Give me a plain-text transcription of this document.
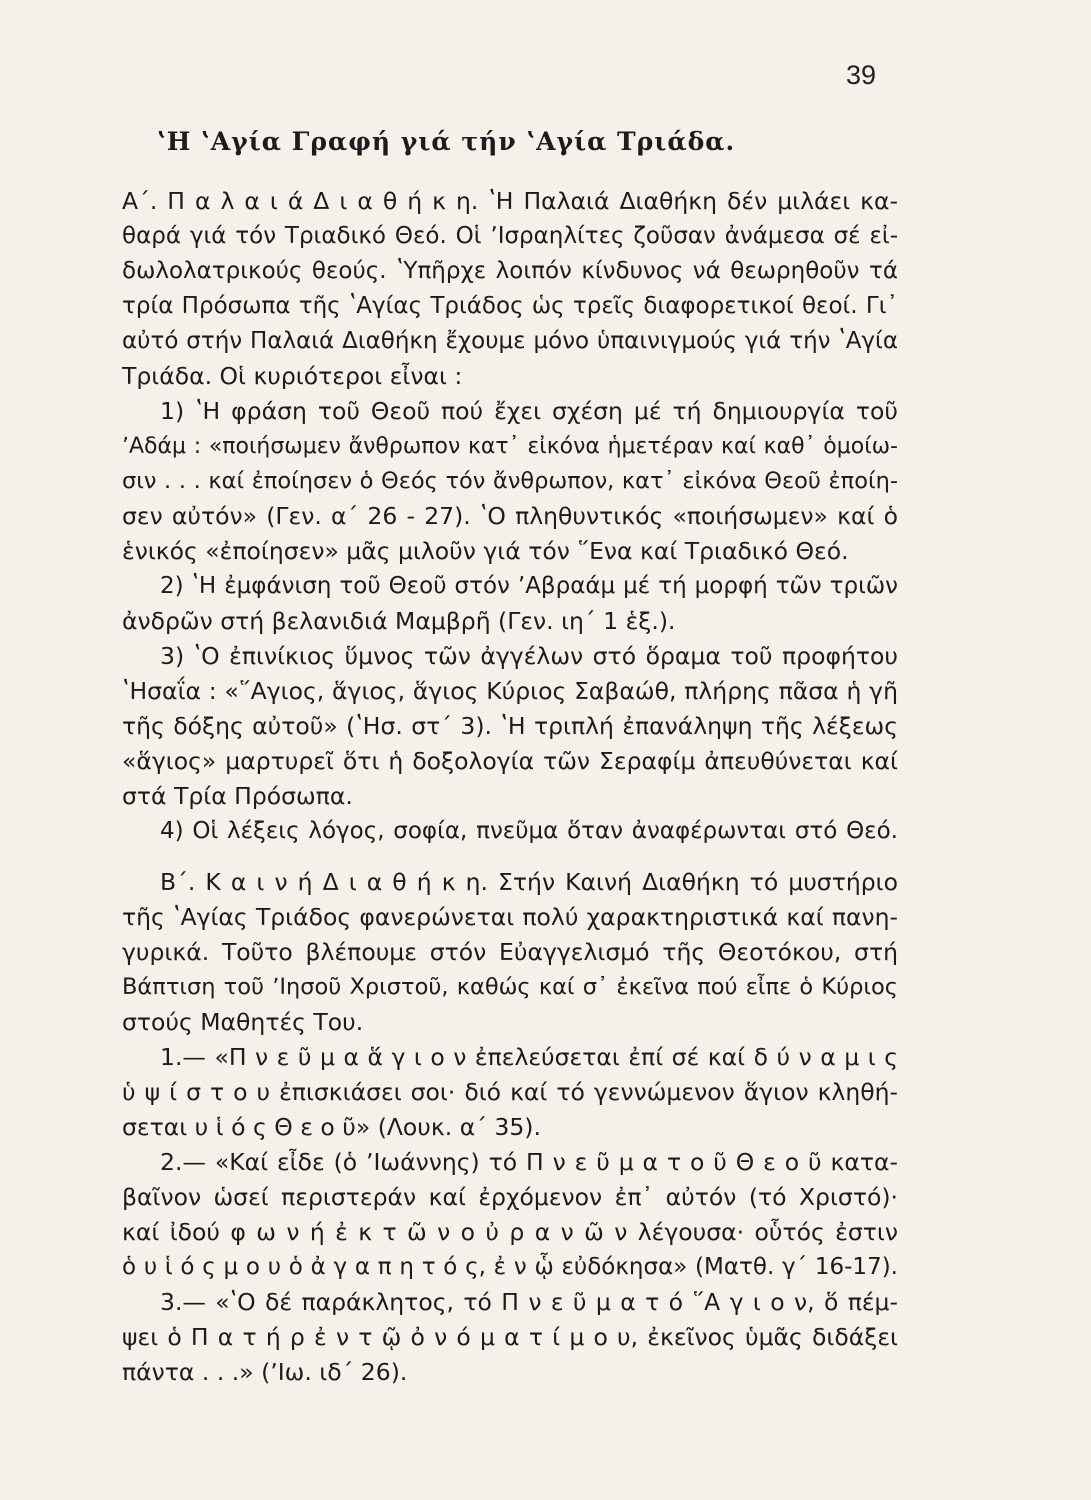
39
ʽΗ ʽΑγία Γραφή γιά τήν ʽΑγία Τριάδα.
Α΄. Π α λ α ι ά Δ ι α θ ή κ η. ʽΗ Παλαιά Διαθήκη δέν μιλάει κα-
θαρά γιά τόν Τριαδικό Θεό. Οἱ ʼΙσραηλίτες ζοῦσαν ἀνάμεσα σέ εἰ-
δωλολατρικούς θεούς. ʽΥπῆρχε λοιπόν κίνδυνος νά θεωρηθοῦν τά
τρία Πρόσωπα τῆς ʽΑγίας Τριάδος ὡς τρεῖς διαφορετικοί θεοί. Γι᾽
αὐτό στήν Παλαιά Διαθήκη ἔχουμε μόνο ὑπαινιγμούς γιά τήν ʽΑγία
Τριάδα. Οἱ κυριότεροι εἶναι :
1) ʽΗ φράση τοῦ Θεοῦ πού ἔχει σχέση μέ τή δημιουργία τοῦ
ʼΑδάμ : «ποιήσωμεν ἄνθρωπον κατ᾽ εἰκόνα ἡμετέραν καί καθ᾽ ὁμοίω-
σιν . . . καί ἐποίησεν ὁ Θεός τόν ἄνθρωπον, κατ᾽ εἰκόνα Θεοῦ ἐποίη-
σεν αὐτόν» (Γεν. α΄ 26 - 27). ʽΟ πληθυντικός «ποιήσωμεν» καί ὁ
ἑνικός «ἐποίησεν» μᾶς μιλοῦν γιά τόν ῞Ενα καί Τριαδικό Θεό.
2) ʽΗ ἐμφάνιση τοῦ Θεοῦ στόν ʼΑβραάμ μέ τή μορφή τῶν τριῶν
ἀνδρῶν στή βελανιδιά Μαμβρῆ (Γεν. ιη΄ 1 ἑξ.).
3) ʽΟ ἐπινίκιος ὕμνος τῶν ἀγγέλων στό ὅραμα τοῦ προφήτου
ʽΗσαΐα : «῞Αγιος, ἅγιος, ἅγιος Κύριος Σαβαώθ, πλήρης πᾶσα ἡ γῆ
τῆς δόξης αὐτοῦ» (ʽΗσ. στ΄ 3). ʽΗ τριπλή ἐπανάληψη τῆς λέξεως
«ἅγιος» μαρτυρεῖ ὅτι ἡ δοξολογία τῶν Σεραφίμ ἀπευθύνεται καί
στά Τρία Πρόσωπα.
4) Οἱ λέξεις λόγος, σοφία, πνεῦμα ὅταν ἀναφέρωνται στό Θεό.
Β΄. Κ α ι ν ή Δ ι α θ ή κ η. Στήν Καινή Διαθήκη τό μυστήριο
τῆς ʽΑγίας Τριάδος φανερώνεται πολύ χαρακτηριστικά καί πανη-
γυρικά. Τοῦτο βλέπουμε στόν Εὐαγγελισμό τῆς Θεοτόκου, στή
Βάπτιση τοῦ ʼΙησοῦ Χριστοῦ, καθώς καί σ᾽ ἐκεῖνα πού εἶπε ὁ Κύριος
στούς Μαθητές Του.
1.— «Π ν ε ῦ μ α ἅ γ ι ο ν ἐπελεύσεται ἐπί σέ καί δ ύ ν α μ ι ς
ὑ ψ ί σ τ ο υ ἐπισκιάσει σοι· διό καί τό γεννώμενον ἅγιον κληθή-
σεται υ ἱ ό ς Θ ε ο ῦ» (Λουκ. α΄ 35).
2.— «Καί εἶδε (ὁ ʼΙωάννης) τό Π ν ε ῦ μ α τ ο ῦ Θ ε ο ῦ κατα-
βαῖνον ὡσεί περιστεράν καί ἐρχόμενον ἐπ᾽ αὐτόν (τό Χριστό)·
καί ἰδού φ ω ν ή ἐ κ τ ῶ ν ο ὐ ρ α ν ῶ ν λέγουσα· οὗτός ἐστιν
ὁ υ ἱ ό ς μ ο υ ὁ ἀ γ α π η τ ό ς, ἐ ν ᾧ εὐδόκησα» (Ματθ. γ΄ 16-17).
3.— «ʽΟ δέ παράκλητος, τό Π ν ε ῦ μ α τ ό ῞Α γ ι ο ν, ὅ πέμ-
ψει ὁ Π α τ ή ρ ἐ ν τ ῷ ὀ ν ό μ α τ ί μ ο υ, ἐκεῖνος ὑμᾶς διδάξει
πάντα . . .» (ʼΙω. ιδ΄ 26).
